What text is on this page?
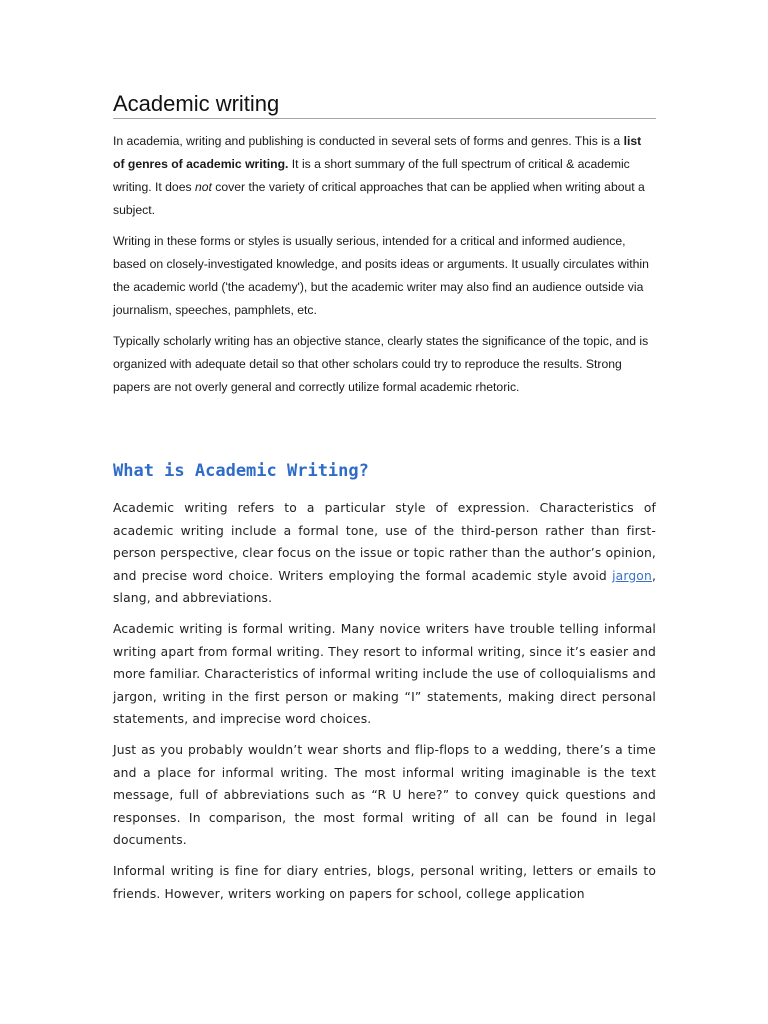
Academic writing

In academia, writing and publishing is conducted in several sets of forms and genres. This is a list of genres of academic writing. It is a short summary of the full spectrum of critical & academic writing. It does not cover the variety of critical approaches that can be applied when writing about a subject.

Writing in these forms or styles is usually serious, intended for a critical and informed audience, based on closely-investigated knowledge, and posits ideas or arguments. It usually circulates within the academic world ('the academy'), but the academic writer may also find an audience outside via journalism, speeches, pamphlets, etc.

Typically scholarly writing has an objective stance, clearly states the significance of the topic, and is organized with adequate detail so that other scholars could try to reproduce the results. Strong papers are not overly general and correctly utilize formal academic rhetoric.

What is Academic Writing?

Academic writing refers to a particular style of expression. Characteristics of academic writing include a formal tone, use of the third-person rather than first-person perspective, clear focus on the issue or topic rather than the author’s opinion, and precise word choice. Writers employing the formal academic style avoid jargon, slang, and abbreviations.

Academic writing is formal writing. Many novice writers have trouble telling informal writing apart from formal writing. They resort to informal writing, since it’s easier and more familiar. Characteristics of informal writing include the use of colloquialisms and jargon, writing in the first person or making “I” statements, making direct personal statements, and imprecise word choices.

Just as you probably wouldn’t wear shorts and flip-flops to a wedding, there’s a time and a place for informal writing. The most informal writing imaginable is the text message, full of abbreviations such as “R U here?” to convey quick questions and responses. In comparison, the most formal writing of all can be found in legal documents.

Informal writing is fine for diary entries, blogs, personal writing, letters or emails to friends. However, writers working on papers for school, college application
